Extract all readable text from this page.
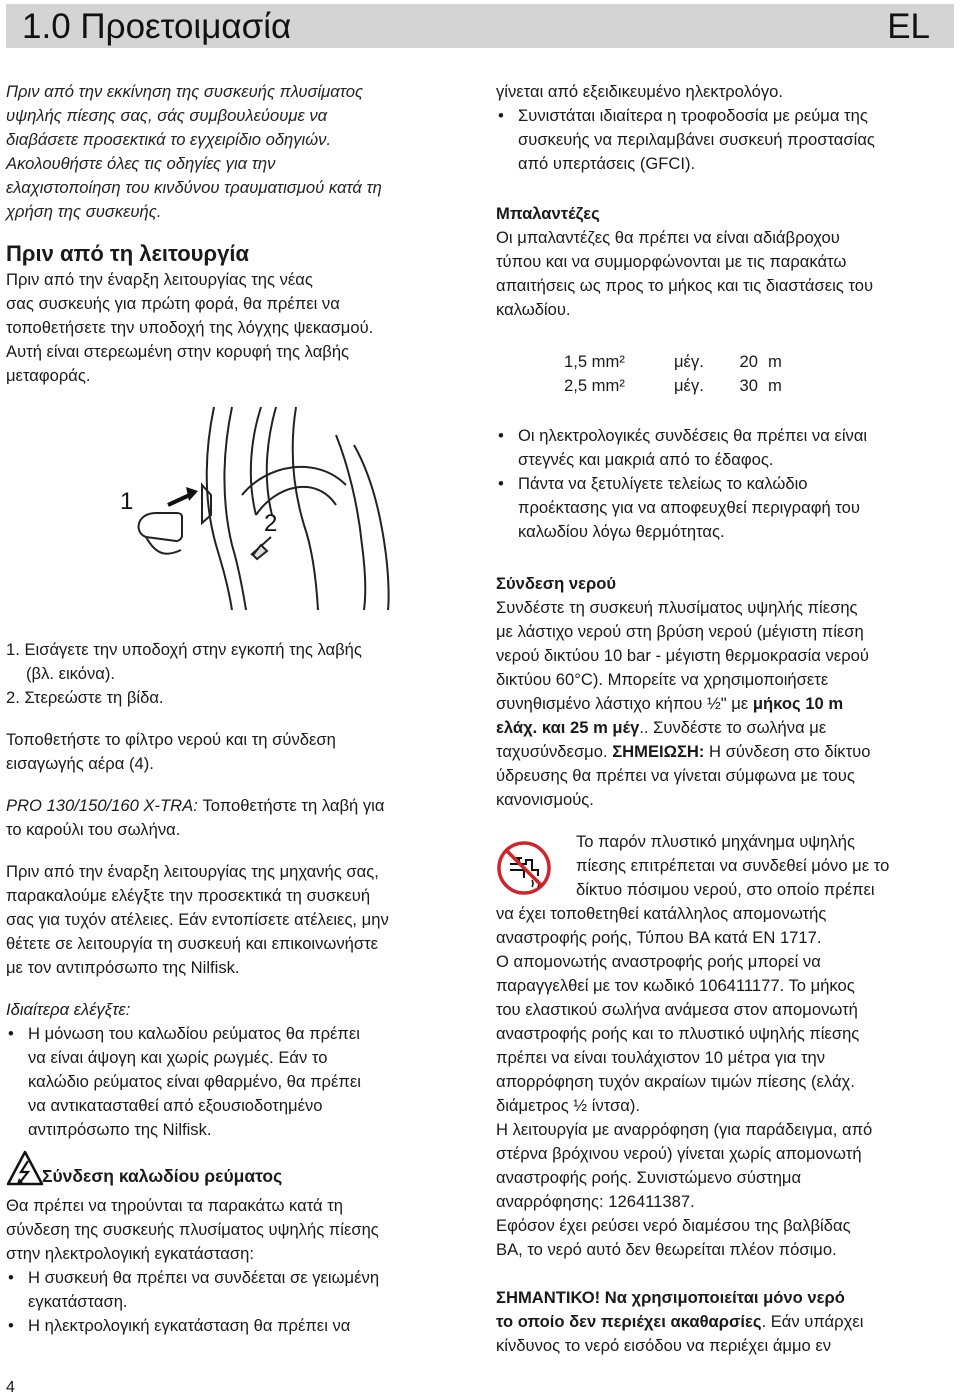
1.0 Προετοιμασία	EL

Πριν από την εκκίνηση της συσκευής πλυσίματος

υψηλής πίεσης σας, σάς συμβουλεύουμε να

διαβάσετε προσεκτικά το εγχειρίδιο οδηγιών.

Ακολουθήστε όλες τις οδηγίες για την

ελαχιστοποίηση του κινδύνου τραυματισμού κατά τη

χρήση της συσκευής.

Πριν από τη λειτουργία

Πριν από την έναρξη λειτουργίας της νέας

σας συσκευής για πρώτη φορά, θα πρέπει να

τοποθετήσετε την υποδοχή της λόγχης ψεκασμού.

Αυτή είναι στερεωμένη στην κορυφή της λαβής

μεταφοράς.

1. Εισάγετε την υποδοχή στην εγκοπή της λαβής

(βλ. εικόνα).

2. Στερεώστε τη βίδα.

Τοποθετήστε το φίλτρο νερού και τη σύνδεση

εισαγωγής αέρα (4).

PRO 130/150/160 X-TRA: Τοποθετήστε τη λαβή για

το καρούλι του σωλήνα.

Πριν από την έναρξη λειτουργίας της μηχανής σας,

παρακαλούμε ελέγξτε την προσεκτικά τη συσκευή

σας για τυχόν ατέλειες. Εάν εντοπίσετε ατέλειες, μην

θέτετε σε λειτουργία τη συσκευή και επικοινωνήστε

με τον αντιπρόσωπο της Nilfisk.

Ιδιαίτερα ελέγξτε:

• Η μόνωση του καλωδίου ρεύματος θα πρέπει
να είναι άψογη και χωρίς ρωγμές. Εάν το
καλώδιο ρεύματος είναι φθαρμένο, θα πρέπει
να αντικατασταθεί από εξουσιοδοτημένο
αντιπρόσωπο της Nilfisk.
Σύνδεση καλωδίου ρεύματος

Θα πρέπει να τηρούνται τα παρακάτω κατά τη

σύνδεση της συσκευής πλυσίματος υψηλής πίεσης

στην ηλεκτρολογική εγκατάσταση:

• Η συσκευή θα πρέπει να συνδέεται σε γειωμένη
εγκατάσταση.
• Η ηλεκτρολογική εγκατάσταση θα πρέπει να
1
2

γίνεται από εξειδικευμένο ηλεκτρολόγο.

• Συνιστάται ιδιαίτερα η τροφοδοσία με ρεύμα της
συσκευής να περιλαμβάνει συσκευή προστασίας
από υπερτάσεις (GFCI).

Μπαλαντέζες

Οι μπαλαντέζες θα πρέπει να είναι αδιάβροχου

τύπου και να συμμορφώνονται με τις παρακάτω

απαιτήσεις ως προς το μήκος και τις διαστάσεις του

καλωδίου.

1,5 mm²	μέγ.	20	m
2,5 mm²	μέγ.	30	m
• Οι ηλεκτρολογικές συνδέσεις θα πρέπει να είναι
στεγνές και μακριά από το έδαφος.
• Πάντα να ξετυλίγετε τελείως το καλώδιο
προέκτασης για να αποφευχθεί περιγραφή του
καλωδίου λόγω θερμότητας.

Σύνδεση νερού

Συνδέστε τη συσκευή πλυσίματος υψηλής πίεσης

με λάστιχο νερού στη βρύση νερού (μέγιστη πίεση

νερού δικτύου 10 bar - μέγιστη θερμοκρασία νερού

δικτύου 60°C). Μπορείτε να χρησιμοποιήσετε

συνηθισμένο λάστιχο κήπου ½" με μήκος 10 m

ελάχ. και 25 m μέγ.. Συνδέστε το σωλήνα με

ταχυσύνδεσμο. ΣΗΜΕΙΩΣΗ: Η σύνδεση στο δίκτυο

ύδρευσης θα πρέπει να γίνεται σύμφωνα με τους

κανονισμούς.

Το παρόν πλυστικό μηχάνημα υψηλής

πίεσης επιτρέπεται να συνδεθεί μόνο με το

δίκτυο πόσιμου νερού, στο οποίο πρέπει

να έχει τοποθετηθεί κατάλληλος απομονωτής

αναστροφής ροής, Τύπου BA κατά EN 1717.

Ο απομονωτής αναστροφής ροής μπορεί να

παραγγελθεί με τον κωδικό 106411177. Το μήκος

του ελαστικού σωλήνα ανάμεσα στον απομονωτή

αναστροφής ροής και το πλυστικό υψηλής πίεσης

πρέπει να είναι τουλάχιστον 10 μέτρα για την

απορρόφηση τυχόν ακραίων τιμών πίεσης (ελάχ.

διάμετρος ½ ίντσα).

Η λειτουργία με αναρρόφηση (για παράδειγμα, από

στέρνα βρόχινου νερού) γίνεται χωρίς απομονωτή

αναστροφής ροής. Συνιστώμενο σύστημα

αναρρόφησης: 126411387.

Εφόσον έχει ρεύσει νερό διαμέσου της βαλβίδας

BA, το νερό αυτό δεν θεωρείται πλέον πόσιμο.

ΣΗΜΑΝΤΙΚΟ! Να χρησιμοποιείται μόνο νερό

το οποίο δεν περιέχει ακαθαρσίες. Εάν υπάρχει

κίνδυνος το νερό εισόδου να περιέχει άμμο εν

4
